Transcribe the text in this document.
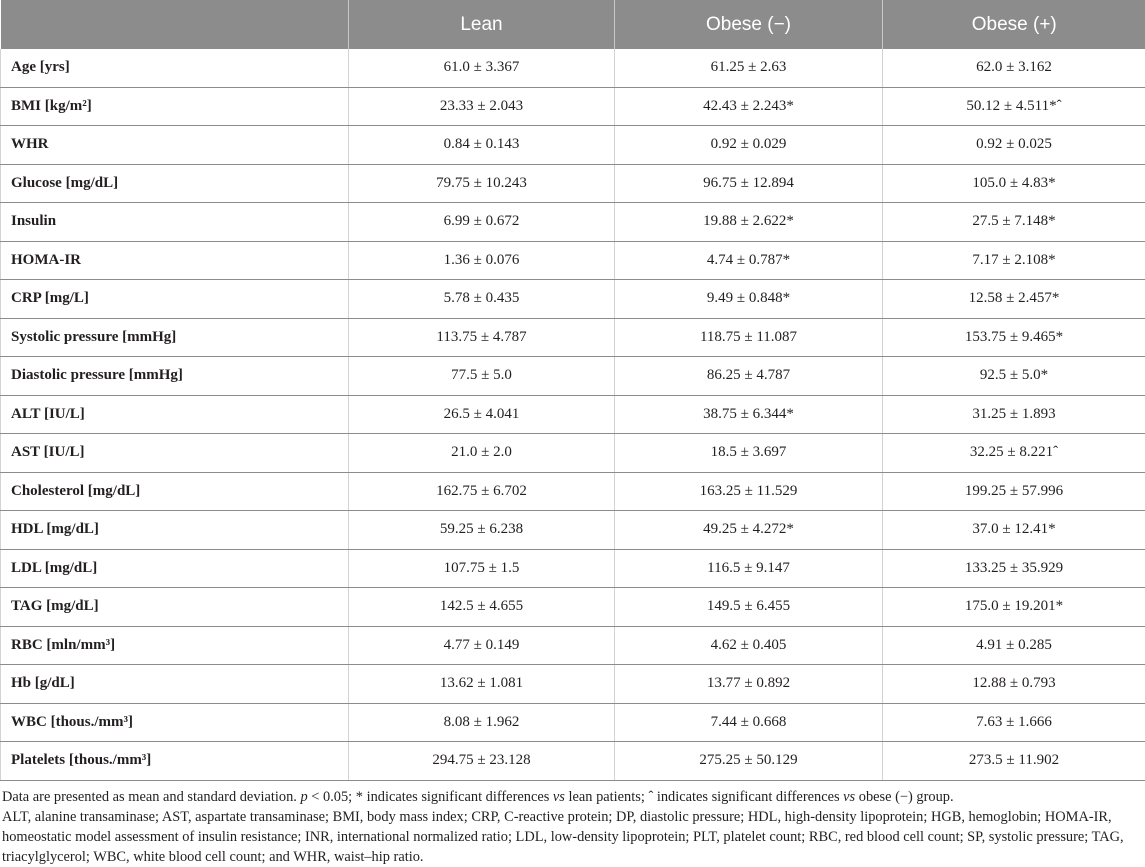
	Lean	Obese (−)	Obese (+)
Age [yrs]	61.0 ± 3.367	61.25 ± 2.63	62.0 ± 3.162
BMI [kg/m²]	23.33 ± 2.043	42.43 ± 2.243*	50.12 ± 4.511*ˆ
WHR	0.84 ± 0.143	0.92 ± 0.029	0.92 ± 0.025
Glucose [mg/dL]	79.75 ± 10.243	96.75 ± 12.894	105.0 ± 4.83*
Insulin	6.99 ± 0.672	19.88 ± 2.622*	27.5 ± 7.148*
HOMA-IR	1.36 ± 0.076	4.74 ± 0.787*	7.17 ± 2.108*
CRP [mg/L]	5.78 ± 0.435	9.49 ± 0.848*	12.58 ± 2.457*
Systolic pressure [mmHg]	113.75 ± 4.787	118.75 ± 11.087	153.75 ± 9.465*
Diastolic pressure [mmHg]	77.5 ± 5.0	86.25 ± 4.787	92.5 ± 5.0*
ALT [IU/L]	26.5 ± 4.041	38.75 ± 6.344*	31.25 ± 1.893
AST [IU/L]	21.0 ± 2.0	18.5 ± 3.697	32.25 ± 8.221ˆ
Cholesterol [mg/dL]	162.75 ± 6.702	163.25 ± 11.529	199.25 ± 57.996
HDL [mg/dL]	59.25 ± 6.238	49.25 ± 4.272*	37.0 ± 12.41*
LDL [mg/dL]	107.75 ± 1.5	116.5 ± 9.147	133.25 ± 35.929
TAG [mg/dL]	142.5 ± 4.655	149.5 ± 6.455	175.0 ± 19.201*
RBC [mln/mm³]	4.77 ± 0.149	4.62 ± 0.405	4.91 ± 0.285
Hb [g/dL]	13.62 ± 1.081	13.77 ± 0.892	12.88 ± 0.793
WBC [thous./mm³]	8.08 ± 1.962	7.44 ± 0.668	7.63 ± 1.666
Platelets [thous./mm³]	294.75 ± 23.128	275.25 ± 50.129	273.5 ± 11.902

Data are presented as mean and standard deviation. p < 0.05; * indicates significant differences vs lean patients; ˆ indicates significant differences vs obese (−) group.

ALT, alanine transaminase; AST, aspartate transaminase; BMI, body mass index; CRP, C-reactive protein; DP, diastolic pressure; HDL, high-density lipoprotein; HGB, hemoglobin; HOMA-IR, homeostatic model assessment of insulin resistance; INR, international normalized ratio; LDL, low-density lipoprotein; PLT, platelet count; RBC, red blood cell count; SP, systolic pressure; TAG, triacylglycerol; WBC, white blood cell count; and WHR, waist–hip ratio.
